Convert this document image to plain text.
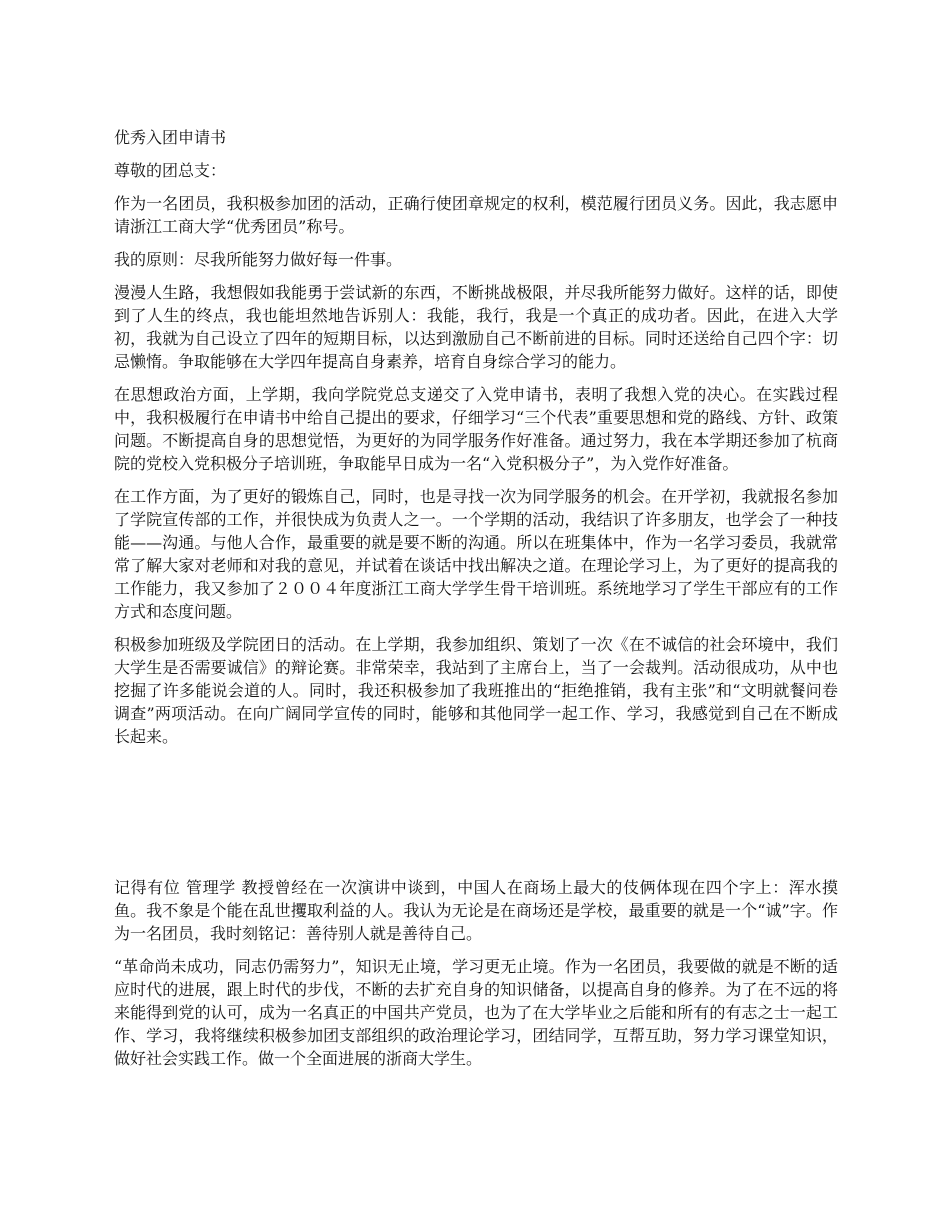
优秀入团申请书

尊敬的团总支：

作为一名团员，我积极参加团的活动，正确行使团章规定的权利，模范履行团员义务。因此，我志愿申请浙江工商大学“优秀团员”称号。

我的原则：尽我所能努力做好每一件事。

漫漫人生路，我想假如我能勇于尝试新的东西，不断挑战极限，并尽我所能努力做好。这样的话，即使到了人生的终点，我也能坦然地告诉别人：我能，我行，我是一个真正的成功者。因此，在进入大学初，我就为自己设立了四年的短期目标，以达到激励自己不断前进的目标。同时还送给自己四个字：切忌懒惰。争取能够在大学四年提高自身素养，培育自身综合学习的能力。

在思想政治方面，上学期，我向学院党总支递交了入党申请书，表明了我想入党的决心。在实践过程中，我积极履行在申请书中给自己提出的要求，仔细学习“三个代表”重要思想和党的路线、方针、政策问题。不断提高自身的思想觉悟，为更好的为同学服务作好准备。通过努力，我在本学期还参加了杭商院的党校入党积极分子培训班，争取能早日成为一名“入党积极分子”，为入党作好准备。

在工作方面，为了更好的锻炼自己，同时，也是寻找一次为同学服务的机会。在开学初，我就报名参加了学院宣传部的工作，并很快成为负责人之一。一个学期的活动，我结识了许多朋友，也学会了一种技能——沟通。与他人合作，最重要的就是要不断的沟通。所以在班集体中，作为一名学习委员，我就常常了解大家对老师和对我的意见，并试着在谈话中找出解决之道。在理论学习上，为了更好的提高我的工作能力，我又参加了２００４年度浙江工商大学学生骨干培训班。系统地学习了学生干部应有的工作方式和态度问题。

积极参加班级及学院团日的活动。在上学期，我参加组织、策划了一次《在不诚信的社会环境中，我们大学生是否需要诚信》的辩论赛。非常荣幸，我站到了主席台上，当了一会裁判。活动很成功，从中也挖掘了许多能说会道的人。同时，我还积极参加了我班推出的“拒绝推销，我有主张”和“文明就餐问卷调查”两项活动。在向广阔同学宣传的同时，能够和其他同学一起工作、学习，我感觉到自己在不断成长起来。

记得有位 管理学 教授曾经在一次演讲中谈到，中国人在商场上最大的伎俩体现在四个字上：浑水摸鱼。我不象是个能在乱世攫取利益的人。我认为无论是在商场还是学校，最重要的就是一个“诚”字。作为一名团员，我时刻铭记：善待别人就是善待自己。

“革命尚未成功，同志仍需努力”，知识无止境，学习更无止境。作为一名团员，我要做的就是不断的适应时代的进展，跟上时代的步伐，不断的去扩充自身的知识储备，以提高自身的修养。为了在不远的将来能得到党的认可，成为一名真正的中国共产党员，也为了在大学毕业之后能和所有的有志之士一起工作、学习，我将继续积极参加团支部组织的政治理论学习，团结同学，互帮互助，努力学习课堂知识，做好社会实践工作。做一个全面进展的浙商大学生。
